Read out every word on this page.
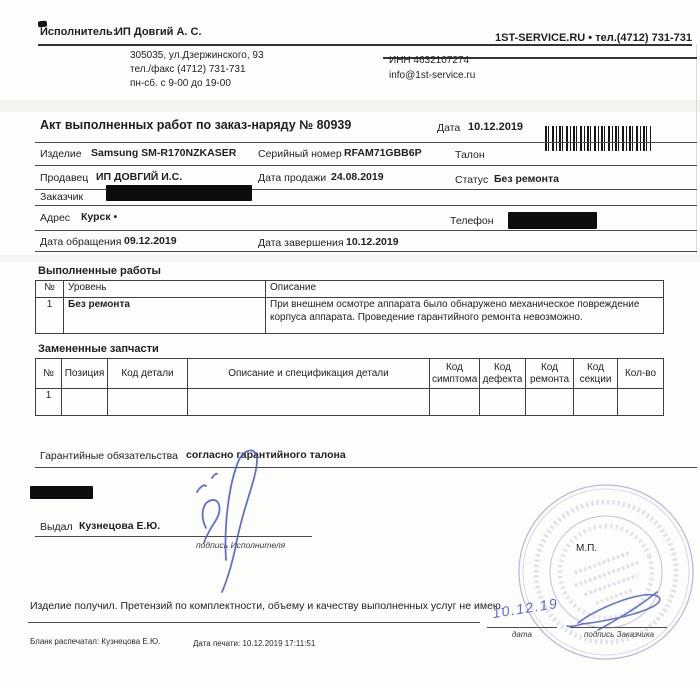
Исполнитель:
ИП Довгий А. С.	1ST-SERVICE.RU • тел.(4712) 731-731
305035, ул.Дзержинского, 93
тел./факс (4712) 731-731
пн-сб. с 9-00 до 19-00
ИНН 4632107274
info@1st-service.ru
Акт выполненных работ по заказ-наряду № 80939	Дата 10.12.2019
Изделие Samsung SM-R170NZKASER Серийный номер RFAM71GBB6P	Талон
Продавец ИП ДОВГИЙ И.С.	Дата продажи 24.08.2019	Статус Без ремонта
Заказчик
Адрес Курск •	Телефон
Дата обращения 09.12.2019	Дата завершения 10.12.2019
Выполненные работы
№	Уровень	Описание
1	Без ремонта	При внешнем осмотре аппарата было обнаружено механическое повреждение корпуса аппарата. Проведение гарантийного ремонта невозможно.
Замененные запчасти
№	Позиция	Код детали	Описание и спецификация детали	Код симптома	Код дефекта	Код ремонта	Код секции	Кол-во
1								
Гарантийные обязательства согласно гарантийного талона
Выдал Кузнецова Е.Ю.
подпись Исполнителя	М.П.
Изделие получил. Претензий по комплектности, объему и качеству выполненных услуг не имею.
10.12.19
дата	подпись Заказчика
Бланк распечатал: Кузнецова Е.Ю.	Дата печати: 10.12.2019 17:11:51
